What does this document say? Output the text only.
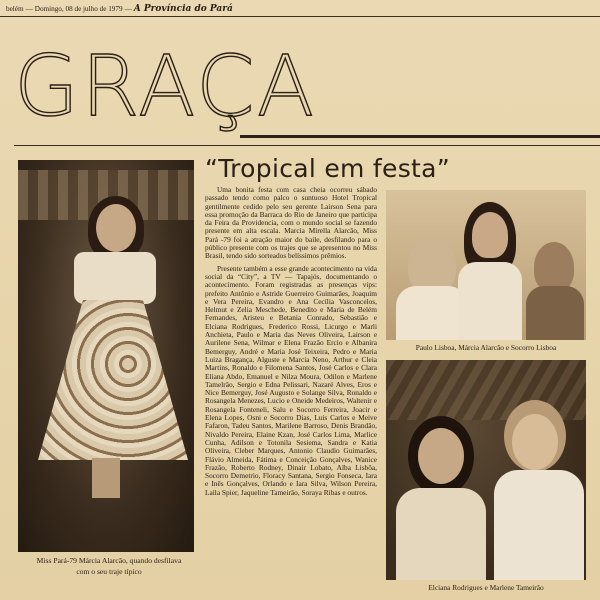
belém — Domingo, 08 de julho de 1979 — A Província do Pará
GRAÇA
Miss Pará-79 Márcia Alarcão, quando desfilava com o seu traje típico
“Tropical em festa”

Uma bonita festa com casa cheia ocorreu sábado passado tendo como palco o suntuoso Hotel Tropical gentilmente cedido pelo seu gerente Lairson Sena para essa promoção da Barraca do Rio de Janeiro que participa da Feira da Providencia, com o mundo social se fazendo presente em alta escala. Marcia Mirella Alarcão, Miss Pará -79 foi a atração maior do baile, desfilando para o público presente com os trajes que se apresentou no Miss Brasil, tendo sido sorteados belíssimos prêmios.

Presente também a esse grande acontecimento na vida social da “City”, a TV — Tapajós, documentando o acontecimento. Foram registradas as presenças vips: prefeito Antônio e Astride Guerreiro Guimarães, Joaquim e Vera Pereira, Evandro e Ana Cecília Vasconcelos, Helmut e Zelia Meschede, Benedito e Maria de Belém Fernandes, Aristeu e Betania Conrado, Sebastião e Elciana Rodrigues, Frederico Rossi, Licurgo e Marli Anchieta, Paulo e Maria das Neves Oliveira, Lairson e Aurilene Sena, Wilmar e Elena Frazão Ercio e Albanira Bemerguy, André e Maria José Teixeira, Pedro e Maria Luiza Bragança, Alguste e Marcia Neno, Arthur e Cleia Martins, Ronaldo e Filomena Santos, José Carlos e Clara Eliana Abdo, Emanuel e Nilza Moura, Odilon e Marlene Tamelrão, Sergio e Edna Pelissari, Nazaré Alves, Eros e Nice Bemerguy, José Augusto e Solange Silva, Ronaldo e Rosangela Menezes, Lucio e Oneide Medeiros, Waltenir e Rosangela Fonteneli, Salu e Socorro Ferreira, Joacir e Elena Lopes, Osni e Socorro Dias, Luis Carlos e Meive Fafaron, Tadeu Santos, Marilene Barroso, Denis Brandão, Nivaldo Pereira, Elaine Kzan, José Carlos Lima, Marlice Cunha, Adilson e Totonila Sesiema, Sandra e Katia Oliveira, Cleber Marques, Antonio Claudio Guimarães, Flávio Almeida, Fátima e Conceição Gonçalves, Wanice Frazão, Roberto Rodney, Dinair Lobato, Alba Lisbôa, Socorro Demetrio, Floracy Santana, Sergio Fonseca, Iara e Inês Gonçalves, Orlando e Iara Silva, Wilson Pereira, Laila Spier, Jaqueline Tameirão, Soraya Ribas e outros.

Paulo Lisboa, Márcia Alarcão e Socorro Lisboa
Elciana Rodrigues e Marlene Tameirão
